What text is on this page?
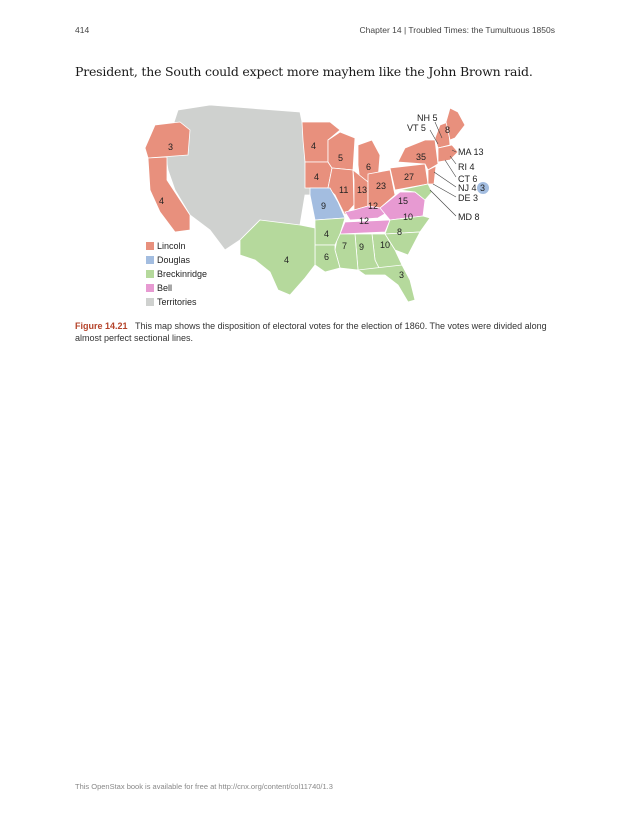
414	Chapter 14 | Troubled Times: the Tumultuous 1850s
President, the South could expect more mayhem like the John Brown raid.
3
4
4
5
4
6
11 13 23
27
35
8
9	12 15
12	10
8
10
9
7
6
4
4
3
NH 5
VT 5
MA 13
RI 4
CT 6
NJ 4 3
DE 3
MD 8
Lincoln
Douglas
Breckinridge
Bell
Territories
Figure 14.21 This map shows the disposition of electoral votes for the election of 1860. The votes were divided along almost perfect sectional lines.
This OpenStax book is available for free at http://cnx.org/content/col11740/1.3
